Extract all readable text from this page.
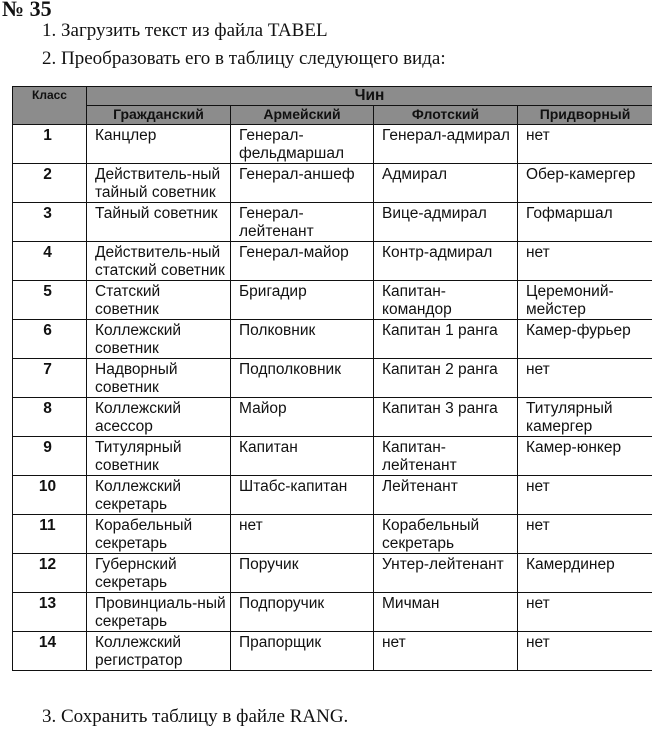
№ 35
1. Загрузить текст из файла TABEL
2. Преобразовать его в таблицу следующего вида:
Класс	Чин			
	Гражданский	Армейский	Флотский	Придворный
1	Канцлер	Генерал-фельдмаршал	Генерал-адмирал	нет
2	Действитель-ный тайный советник	Генерал-аншеф	Адмирал	Обер-камергер
3	Тайный советник	Генерал-лейтенант	Вице-адмирал	Гофмаршал
4	Действитель-ный статский советник	Генерал-майор	Контр-адмирал	нет
5	Статский советник	Бригадир	Капитан-командор	Церемоний-мейстер
6	Коллежский советник	Полковник	Капитан 1 ранга	Камер-фурьер
7	Надворный советник	Подполковник	Капитан 2 ранга	нет
8	Коллежский асессор	Майор	Капитан 3 ранга	Титулярный камергер
9	Титулярный советник	Капитан	Капитан-лейтенант	Камер-юнкер
10	Коллежский секретарь	Штабс-капитан	Лейтенант	нет
11	Корабельный секретарь	нет	Корабельный секретарь	нет
12	Губернский секретарь	Поручик	Унтер-лейтенант	Камердинер
13	Провинциаль-ный секретарь	Подпоручик	Мичман	нет
14	Коллежский регистратор	Прапорщик	нет	нет
3. Сохранить таблицу в файле RANG.
